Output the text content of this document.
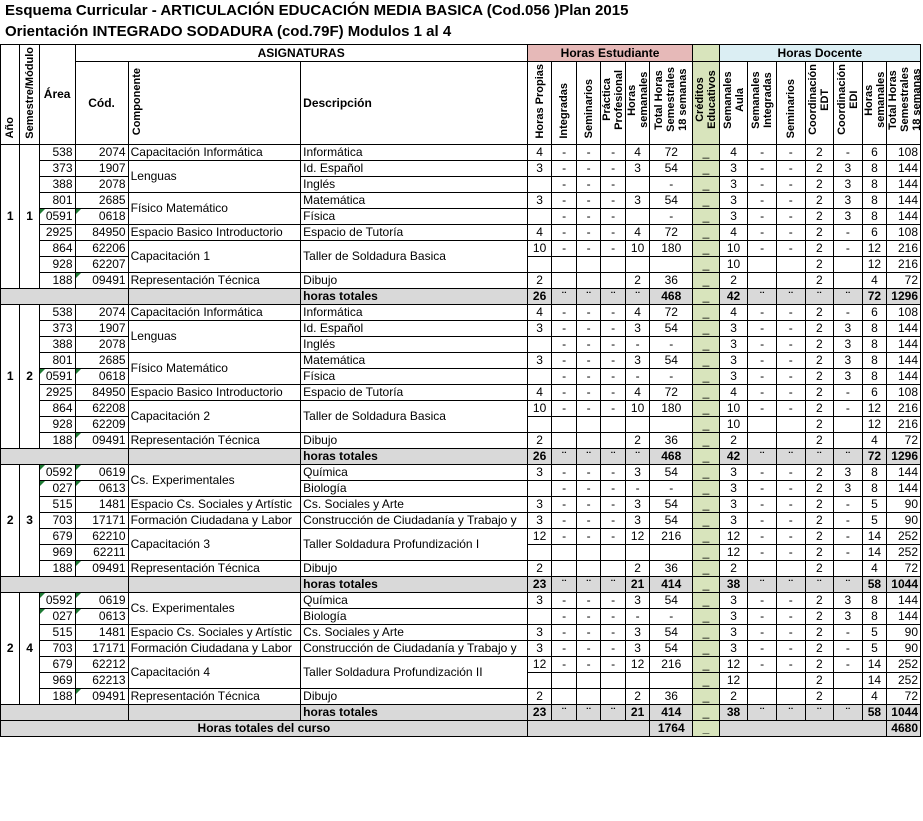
Esquema Curricular - ARTICULACIÓN EDUCACIÓN MEDIA BASICA (Cod.056 )Plan 2015
Orientación INTEGRADO SODADURA (cod.79F) Modulos 1 al 4
Año	Semestre/Módulo	Área	ASIGNATURAS			Horas Estudiante							Horas Docente						
			Cód.	Componente	Descripción	Horas Propias	Integradas	Seminarios	Práctica Profesional	Horas semanales	Total Horas Semestrales 18 semanas	Créditos Educativos	Semanales Aula	Semanales Integradas	Seminarios	Coordinación EDT	Coordinación EDI	Horas semanales	Total Horas Semestrales 18 semanas
1	1	538	2074	Capacitación Informática	Informática	4	-	-	-	4	72	_	4	-	-	2	-	6	108
		373	1907	Lenguas	Id. Español	3	-	-	-	3	54	_	3	-	-	2	3	8	144
		388	2078		Inglés		-	-	-		-	_	3	-	-	2	3	8	144
		801	2685	Físico Matemático	Matemática	3	-	-	-	3	54	_	3	-	-	2	3	8	144
		0591	0618		Física		-	-	-		-	_	3	-	-	2	3	8	144
		2925	84950	Espacio Basico Introductorio	Espacio de Tutoría	4	-	-	-	4	72	_	4	-	-	2	-	6	108
		864	62206	Capacitación 1	Taller de Soldadura Basica	10	-	-	-	10	180	_	10	-	-	2	-	12	216
		928	62207									_	10			2		12	216
		188	09491	Representación Técnica	Dibujo	2				2	36	_	2			2		4	72
					horas totales	26	¨	¨	¨	¨	468	_	42	¨	¨	¨	¨	72	1296
1	2	538	2074	Capacitación Informática	Informática	4	-	-	-	4	72	_	4	-	-	2	-	6	108
		373	1907	Lenguas	Id. Español	3	-	-	-	3	54	_	3	-	-	2	3	8	144
		388	2078		Inglés		-	-	-	-	-	_	3	-	-	2	3	8	144
		801	2685	Físico Matemático	Matemática	3	-	-	-	3	54	_	3	-	-	2	3	8	144
		0591	0618		Física		-	-	-	-	-	_	3	-	-	2	3	8	144
		2925	84950	Espacio Basico Introductorio	Espacio de Tutoría	4	-	-	-	4	72	_	4	-	-	2	-	6	108
		864	62208	Capacitación 2	Taller de Soldadura Basica	10	-	-	-	10	180	_	10	-	-	2	-	12	216
		928	62209									_	10			2		12	216
		188	09491	Representación Técnica	Dibujo	2				2	36	_	2			2		4	72
					horas totales	26	¨	¨	¨	¨	468	_	42	¨	¨	¨	¨	72	1296
2	3	0592	0619	Cs. Experimentales	Química	3	-	-	-	3	54	_	3	-	-	2	3	8	144
		027	0613		Biología		-	-	-	-	-	_	3	-	-	2	3	8	144
		515	1481	Espacio Cs. Sociales y Artístic	Cs. Sociales y Arte	3	-	-	-	3	54	_	3	-	-	2	-	5	90
		703	17171	Formación Ciudadana y Labor	Construcción de Ciudadanía y Trabajo y	3	-	-	-	3	54	_	3	-	-	2	-	5	90
		679	62210	Capacitación 3	Taller Soldadura Profundización I	12	-	-	-	12	216	_	12	-	-	2	-	14	252
		969	62211									_	12	-	-	2	-	14	252
		188	09491	Representación Técnica	Dibujo	2				2	36	_	2			2		4	72
					horas totales	23	¨	¨	¨	21	414	_	38	¨	¨	¨	¨	58	1044
2	4	0592	0619	Cs. Experimentales	Química	3	-	-	-	3	54	_	3	-	-	2	3	8	144
		027	0613		Biología		-	-	-	-	-	_	3	-	-	2	3	8	144
		515	1481	Espacio Cs. Sociales y Artístic	Cs. Sociales y Arte	3	-	-	-	3	54	_	3	-	-	2	-	5	90
		703	17171	Formación Ciudadana y Labor	Construcción de Ciudadanía y Trabajo y	3	-	-	-	3	54	_	3	-	-	2	-	5	90
		679	62212	Capacitación 4	Taller Soldadura Profundización II	12	-	-	-	12	216	_	12	-	-	2	-	14	252
		969	62213									_	12			2		14	252
		188	09491	Representación Técnica	Dibujo	2				2	36	_	2			2		4	72
					horas totales	23	¨	¨	¨	21	414	_	38	¨	¨	¨	¨	58	1044
Horas totales del curso											1764	_							4680
